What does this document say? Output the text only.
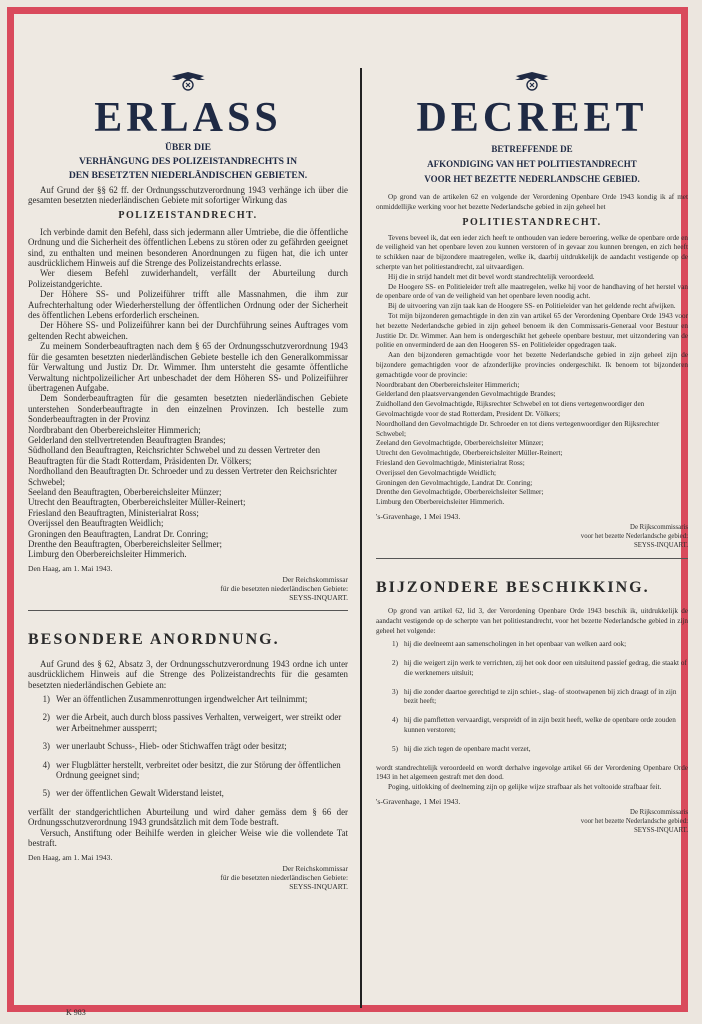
ERLASS
ÜBER DIE
VERHÄNGUNG DES POLIZEISTANDRECHTS IN
DEN BESETZTEN NIEDERLÄNDISCHEN GEBIETEN.

Auf Grund der §§ 62 ff. der Ordnungsschutzverordnung 1943 verhänge ich über die gesamten besetzten niederländischen Gebiete mit sofortiger Wirkung das

POLIZEISTANDRECHT.

Ich verbinde damit den Befehl, dass sich jedermann aller Umtriebe, die die öffentliche Ordnung und die Sicherheit des öffentlichen Lebens zu stören oder zu gefährden geeignet sind, zu enthalten und meinen besonderen Anordnungen zu fügen hat, die ich unter ausdrücklichem Hinweis auf die Strenge des Polizeistandrechts erlasse.

Wer diesem Befehl zuwiderhandelt, verfällt der Aburteilung durch Polizeistandgerichte.

Der Höhere SS- und Polizeiführer trifft alle Massnahmen, die ihm zur Aufrechterhaltung oder Wiederherstellung der öffentlichen Ordnung oder der Sicherheit des öffentlichen Lebens erforderlich erscheinen.

Der Höhere SS- und Polizeiführer kann bei der Durchführung seines Auftrages vom geltenden Recht abweichen.

Zu meinem Sonderbeauftragten nach dem § 65 der Ordnungsschutzverordnung 1943 für die gesamten besetzten niederländischen Gebiete bestelle ich den Generalkommissar für Verwaltung und Justiz Dr. Dr. Wimmer. Ihm untersteht die gesamte öffentliche Verwaltung nichtpolizeilicher Art unbeschadet der dem Höheren SS- und Polizeiführer übertragenen Aufgabe.

Dem Sonderbeauftragten für die gesamten besetzten niederländischen Gebiete unterstehen Sonderbeauftragte in den einzelnen Provinzen. Ich bestelle zum Sonderbeauftragten in der Provinz

Nordbrabant den Oberbereichsleiter Himmerich;
Gelderland den stellvertretenden Beauftragten Brandes;
Südholland den Beauftragten, Reichsrichter Schwebel und zu dessen Vertreter den Beauftragten für die Stadt Rotterdam, Präsidenten Dr. Völkers;
Nordholland den Beauftragten Dr. Schroeder und zu dessen Vertreter den Reichsrichter Schwebel;
Seeland den Beauftragten, Oberbereichsleiter Münzer;
Utrecht den Beauftragten, Oberbereichsleiter Müller-Reinert;
Friesland den Beauftragten, Ministerialrat Ross;
Overijssel den Beauftragten Weidlich;
Groningen den Beauftragten, Landrat Dr. Conring;
Drenthe den Beauftragten, Oberbereichsleiter Sellmer;
Limburg den Oberbereichsleiter Himmerich.
Den Haag, am 1. Mai 1943.
Der Reichskommissar
für die besetzten niederländischen Gebiete:
SEYSS-INQUART.
BESONDERE ANORDNUNG.

Auf Grund des § 62, Absatz 3, der Ordnungsschutzverordnung 1943 ordne ich unter ausdrücklichem Hinweis auf die Strenge des Polizeistandrechts für die gesamten besetzten niederländischen Gebiete an:

1) Wer an öffentlichen Zusammenrottungen irgendwelcher Art teilnimmt;
2) wer die Arbeit, auch durch bloss passives Verhalten, verweigert, wer streikt oder wer Arbeitnehmer aussperrt;
3) wer unerlaubt Schuss-, Hieb- oder Stichwaffen trägt oder besitzt;
4) wer Flugblätter herstellt, verbreitet oder besitzt, die zur Störung der öffentlichen Ordnung geeignet sind;
5) wer der öffentlichen Gewalt Widerstand leistet,

verfällt der standgerichtlichen Aburteilung und wird daher gemäss dem § 66 der Ordnungsschutzverordnung 1943 grundsätzlich mit dem Tode bestraft.

Versuch, Anstiftung oder Beihilfe werden in gleicher Weise wie die vollendete Tat bestraft.

Den Haag, am 1. Mai 1943.
Der Reichskommissar
für die besetzten niederländischen Gebiete:
SEYSS-INQUART.
DECREET
BETREFFENDE DE
AFKONDIGING VAN HET POLITIESTANDRECHT
VOOR HET BEZETTE NEDERLANDSCHE GEBIED.

Op grond van de artikelen 62 en volgende der Verordening Openbare Orde 1943 kondig ik af met onmiddellijke werking voor het bezette Nederlandsche gebied in zijn geheel het

POLITIESTANDRECHT.

Tevens beveel ik, dat een ieder zich heeft te onthouden van iedere beroering, welke de openbare orde en de veiligheid van het openbare leven zou kunnen verstoren of in gevaar zou kunnen brengen, en zich heeft te schikken naar de bijzondere maatregelen, welke ik, daarbij uitdrukkelijk de aandacht vestigende op de scherpte van het politiestandrecht, zal uitvaardigen.

Hij die in strijd handelt met dit bevel wordt standrechtelijk veroordeeld.

De Hoogere SS- en Politieleider treft alle maatregelen, welke hij voor de handhaving of het herstel van de openbare orde of van de veiligheid van het openbare leven noodig acht.

Bij de uitvoering van zijn taak kan de Hoogere SS- en Politieleider van het geldende recht afwijken.

Tot mijn bijzonderen gemachtigde in den zin van artikel 65 der Verordening Openbare Orde 1943 voor het bezette Nederlandsche gebied in zijn geheel benoem ik den Commissaris-Generaal voor Bestuur en Justitie Dr. Dr. Wimmer. Aan hem is ondergeschikt het geheele openbare bestuur, met uitzondering van de politie en onverminderd de aan den Hoogeren SS- en Politieleider opgedragen taak.

Aan den bijzonderen gemachtigde voor het bezette Nederlandsche gebied in zijn geheel zijn de bijzondere gemachtigden voor de afzonderlijke provincies ondergeschikt. Ik benoem tot bijzonderen gemachtigde voor de provincie:

Noordbrabant den Oberbereichsleiter Himmerich;
Gelderland den plaatsvervangenden Gevolmachtigde Brandes;
Zuidholland den Gevolmachtigde, Rijksrechter Schwebel en tot diens vertegenwoordiger den Gevolmachtigde voor de stad Rotterdam, President Dr. Völkers;
Noordholland den Gevolmachtigde Dr. Schroeder en tot diens vertegenwoordiger den Rijksrechter Schwebel;
Zeeland den Gevolmachtigde, Oberbereichsleiter Münzer;
Utrecht den Gevolmachtigde, Oberbereichsleiter Müller-Reinert;
Friesland den Gevolmachtigde, Ministerialrat Ross;
Overijssel den Gevolmachtigde Weidlich;
Groningen den Gevolmachtigde, Landrat Dr. Conring;
Drenthe den Gevolmachtigde, Oberbereichsleiter Sellmer;
Limburg den Oberbereichsleiter Himmerich.
's-Gravenhage, 1 Mei 1943.
De Rijkscommissaris
voor het bezette Nederlandsche gebied:
SEYSS-INQUART.
BIJZONDERE BESCHIKKING.

Op grond van artikel 62, lid 3, der Verordening Openbare Orde 1943 beschik ik, uitdrukkelijk de aandacht vestigende op de scherpte van het politiestandrecht, voor het bezette Nederlandsche gebied in zijn geheel het volgende:

1) hij die deelneemt aan samenscholingen in het openbaar van welken aard ook;
2) hij die weigert zijn werk te verrichten, zij het ook door een uitsluitend passief gedrag, die staakt of die werknemers uitsluit;
3) hij die zonder daartoe gerechtigd te zijn schiet-, slag- of stootwapenen bij zich draagt of in zijn bezit heeft;
4) hij die pamfletten vervaardigt, verspreidt of in zijn bezit heeft, welke de openbare orde zouden kunnen verstoren;
5) hij die zich tegen de openbare macht verzet,

wordt standrechtelijk veroordeeld en wordt derhalve ingevolge artikel 66 der Verordening Openbare Orde 1943 in het algemeen gestraft met den dood.

Poging, uitlokking of deelneming zijn op gelijke wijze strafbaar als het voltooide strafbaar feit.

's-Gravenhage, 1 Mei 1943.
De Rijkscommissaris
voor het bezette Nederlandsche gebied:
SEYSS-INQUART.
K 983
